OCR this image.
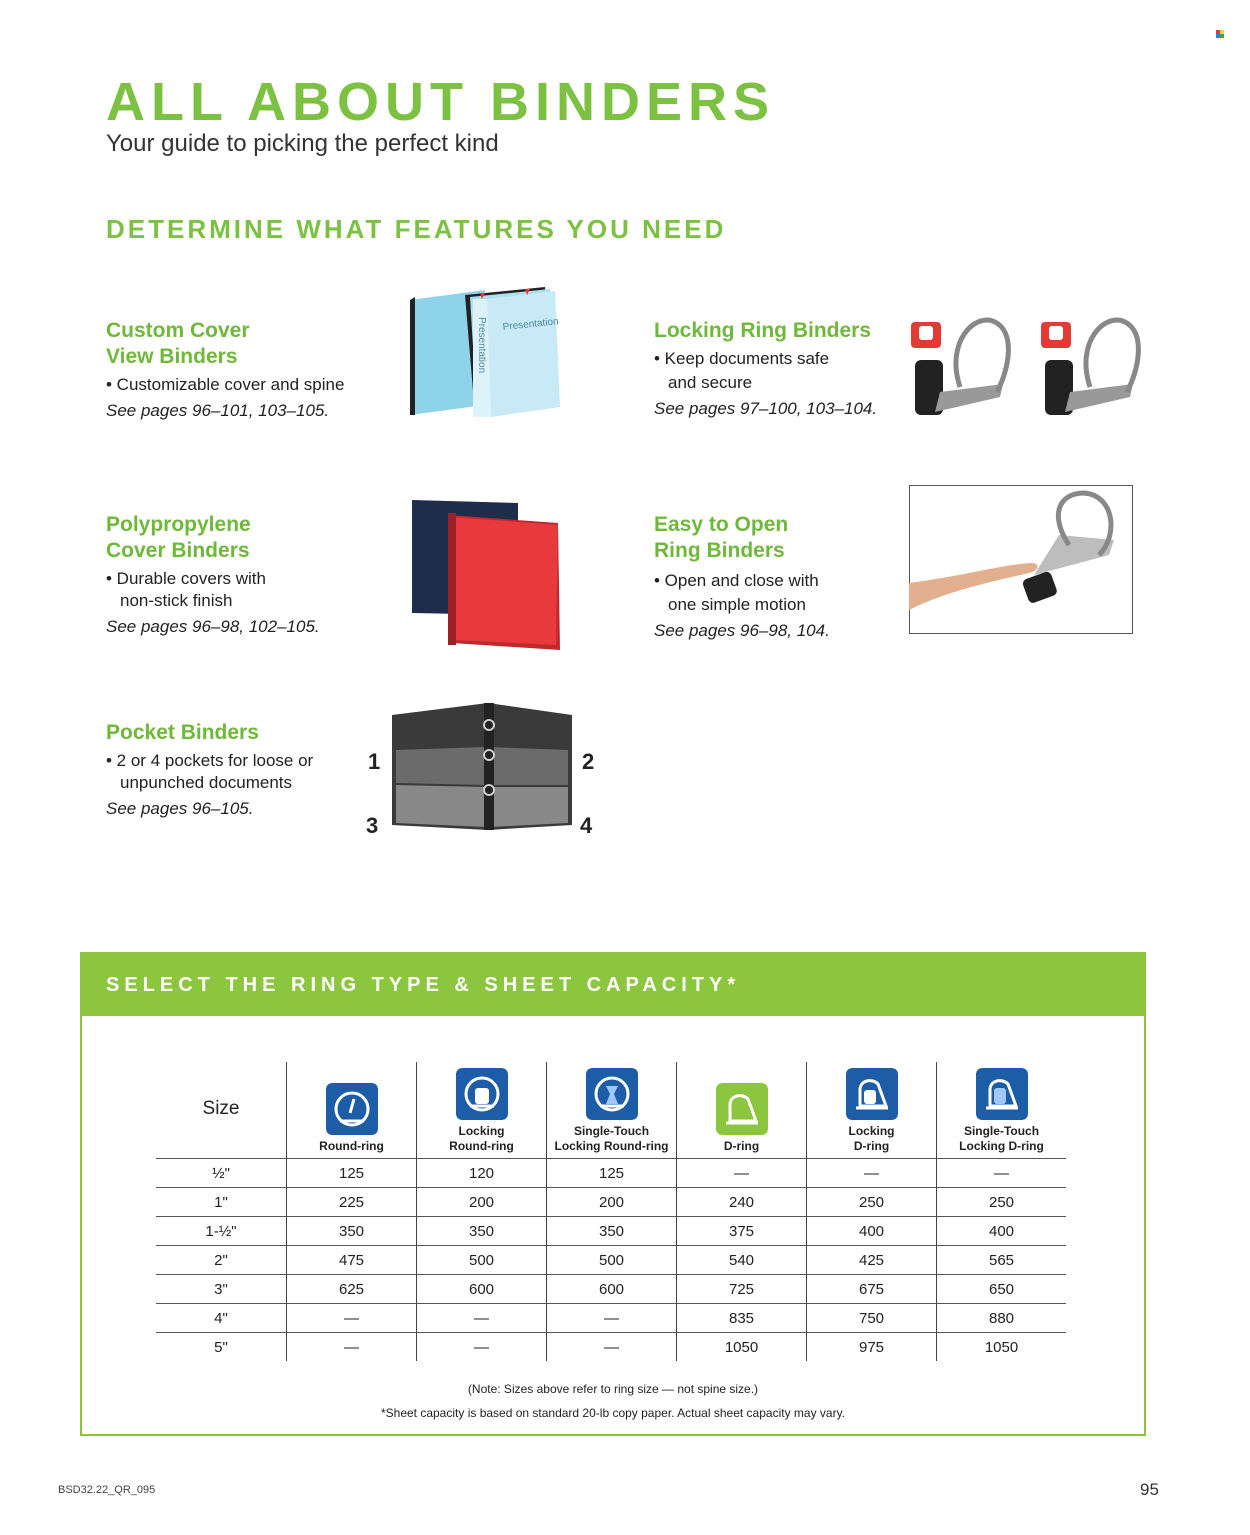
ALL ABOUT BINDERS
Your guide to picking the perfect kind
DETERMINE WHAT FEATURES YOU NEED
Custom Cover
View Binders
• Customizable cover and spine
See pages 96–101, 103–105.
Presentation
Presentation	Locking Ring Binders
• Keep documents safe
and secure
See pages 97–100, 103–104.
Polypropylene
Cover Binders
• Durable covers with
non-stick finish
See pages 96–98, 102–105.
Easy to Open
Ring Binders
• Open and close with
one simple motion
See pages 96–98, 104.
Pocket Binders
• 2 or 4 pockets for loose or
unpunched documents
See pages 96–105.
1	2
3	4
SELECT THE RING TYPE & SHEET CAPACITY*
Size	Round-ring	Locking
Round-ring	Single-Touch
Locking Round-ring	D-ring	Locking
D-ring	Single-Touch
Locking D-ring
½"	125	120	125	—	—	—
1"	225	200	200	240	250	250
1-½"	350	350	350	375	400	400
2"	475	500	500	540	425	565
3"	625	600	600	725	675	650
4"	—	—	—	835	750	880
5"	—	—	—	1050	975	1050
(Note: Sizes above refer to ring size — not spine size.)
*Sheet capacity is based on standard 20-lb copy paper. Actual sheet capacity may vary.
BSD32.22_QR_095	95
